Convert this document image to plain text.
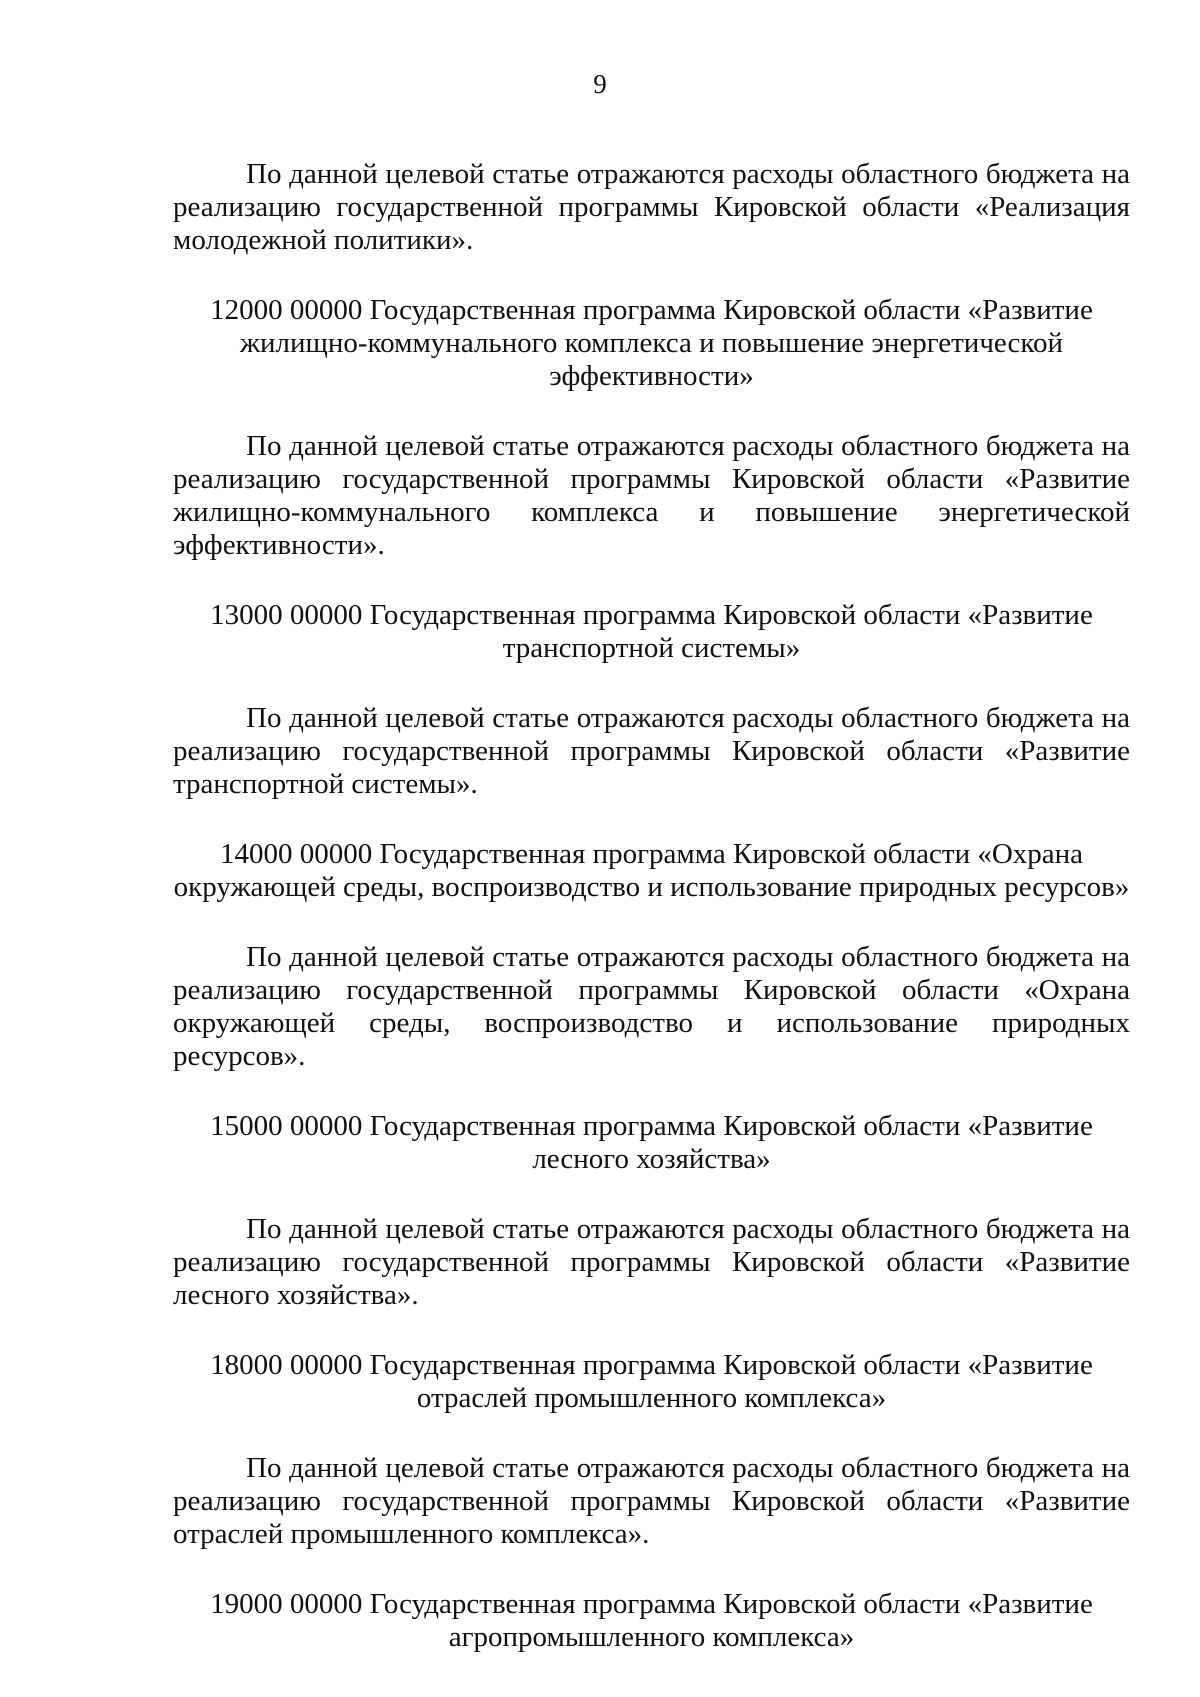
9

По данной целевой статье отражаются расходы областного бюджета на реализацию государственной программы Кировской области «Реализация молодежной политики».

12000 00000 Государственная программа Кировской области «Развитие жилищно-коммунального комплекса и повышение энергетической эффективности»

По данной целевой статье отражаются расходы областного бюджета на реализацию государственной программы Кировской области «Развитие жилищно-коммунального комплекса и повышение энергетической эффективности».

13000 00000 Государственная программа Кировской области «Развитие транспортной системы»

По данной целевой статье отражаются расходы областного бюджета на реализацию государственной программы Кировской области «Развитие транспортной системы».

14000 00000 Государственная программа Кировской области «Охрана окружающей среды, воспроизводство и использование природных ресурсов»

По данной целевой статье отражаются расходы областного бюджета на реализацию государственной программы Кировской области «Охрана окружающей среды, воспроизводство и использование природных ресурсов».

15000 00000 Государственная программа Кировской области «Развитие лесного хозяйства»

По данной целевой статье отражаются расходы областного бюджета на реализацию государственной программы Кировской области «Развитие лесного хозяйства».

18000 00000 Государственная программа Кировской области «Развитие отраслей промышленного комплекса»

По данной целевой статье отражаются расходы областного бюджета на реализацию государственной программы Кировской области «Развитие отраслей промышленного комплекса».

19000 00000 Государственная программа Кировской области «Развитие агропромышленного комплекса»
